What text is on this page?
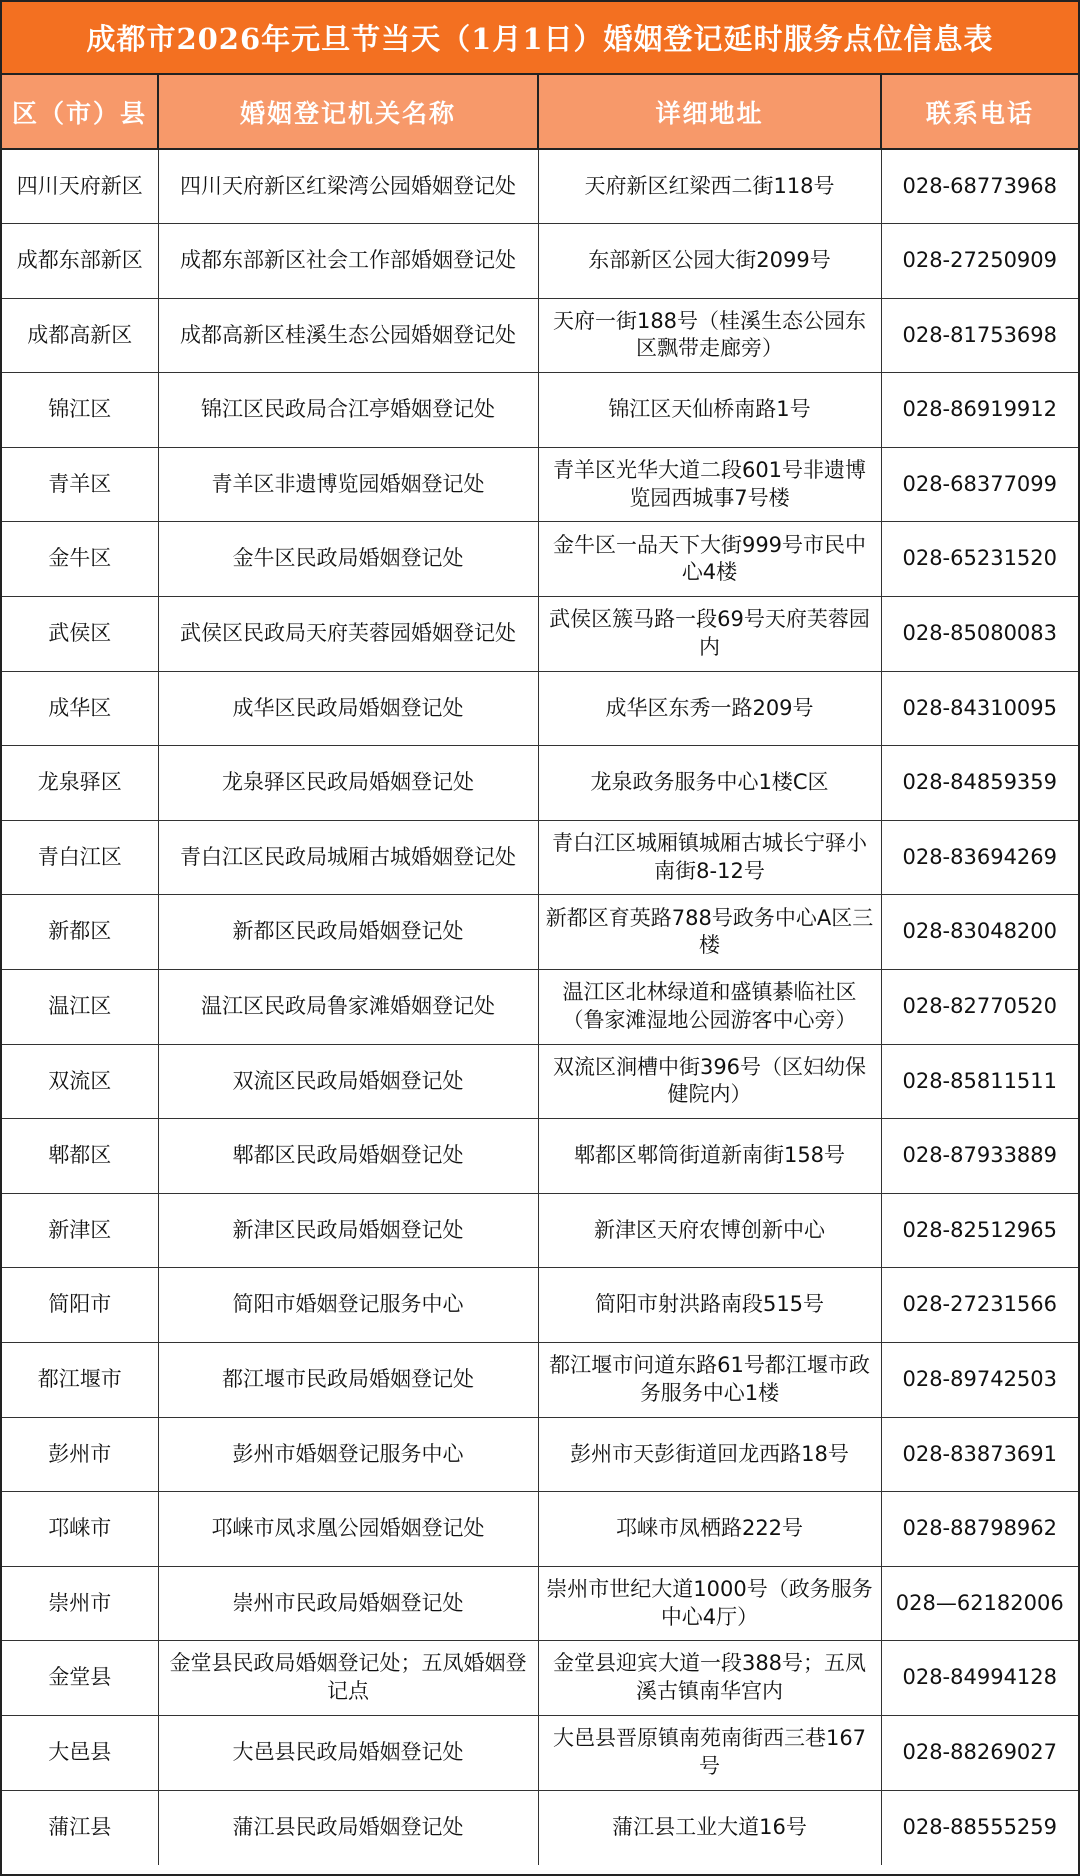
成都市2026年元旦节当天（1月1日）婚姻登记延时服务点位信息表
区（市）县	婚姻登记机关名称	详细地址	联系电话
四川天府新区	四川天府新区红梁湾公园婚姻登记处	天府新区红梁西二街118号	028-68773968
成都东部新区	成都东部新区社会工作部婚姻登记处	东部新区公园大街2099号	028-27250909
成都高新区	成都高新区桂溪生态公园婚姻登记处	天府一街188号（桂溪生态公园东区飘带走廊旁）	028-81753698
锦江区	锦江区民政局合江亭婚姻登记处	锦江区天仙桥南路1号	028-86919912
青羊区	青羊区非遗博览园婚姻登记处	青羊区光华大道二段601号非遗博览园西城事7号楼	028-68377099
金牛区	金牛区民政局婚姻登记处	金牛区一品天下大街999号市民中心4楼	028-65231520
武侯区	武侯区民政局天府芙蓉园婚姻登记处	武侯区簇马路一段69号天府芙蓉园内	028-85080083
成华区	成华区民政局婚姻登记处	成华区东秀一路209号	028-84310095
龙泉驿区	龙泉驿区民政局婚姻登记处	龙泉政务服务中心1楼C区	028-84859359
青白江区	青白江区民政局城厢古城婚姻登记处	青白江区城厢镇城厢古城长宁驿小南街8-12号	028-83694269
新都区	新都区民政局婚姻登记处	新都区育英路788号政务中心A区三楼	028-83048200
温江区	温江区民政局鲁家滩婚姻登记处	温江区北林绿道和盛镇綦临社区（鲁家滩湿地公园游客中心旁）	028-82770520
双流区	双流区民政局婚姻登记处	双流区涧槽中街396号（区妇幼保健院内）	028-85811511
郫都区	郫都区民政局婚姻登记处	郫都区郫筒街道新南街158号	028-87933889
新津区	新津区民政局婚姻登记处	新津区天府农博创新中心	028-82512965
简阳市	简阳市婚姻登记服务中心	简阳市射洪路南段515号	028-27231566
都江堰市	都江堰市民政局婚姻登记处	都江堰市问道东路61号都江堰市政务服务中心1楼	028-89742503
彭州市	彭州市婚姻登记服务中心	彭州市天彭街道回龙西路18号	028-83873691
邛崃市	邛崃市凤求凰公园婚姻登记处	邛崃市凤栖路222号	028-88798962
崇州市	崇州市民政局婚姻登记处	崇州市世纪大道1000号（政务服务中心4厅）	028—62182006
金堂县	金堂县民政局婚姻登记处；五凤婚姻登记点	金堂县迎宾大道一段388号；五凤溪古镇南华宫内	028-84994128
大邑县	大邑县民政局婚姻登记处	大邑县晋原镇南苑南街西三巷167号	028-88269027
蒲江县	蒲江县民政局婚姻登记处	蒲江县工业大道16号	028-88555259
